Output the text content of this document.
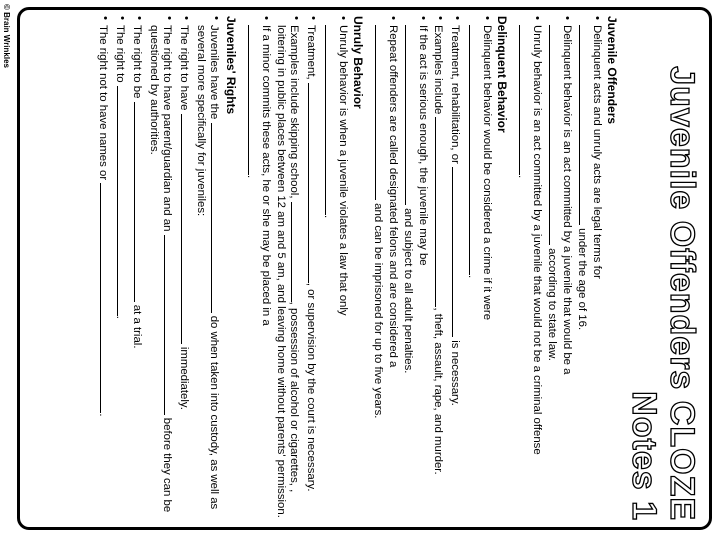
© Brain Wrinkles
Juvenile Offenders CLOZE Notes 1
Juvenile Offenders
• Delinquent acts and unruly acts are legal terms for
under the age of 16.
• Delinquent behavior is an act committed by a juvenile that would be a
according to state law.
• Unruly behavior is an act committed by a juvenile that would not be a criminal offense .
Delinquent Behavior
• Delinquent behavior would be considered a crime if it were
.
• Treatment, rehabilitation, or  is necessary.
• Examples include , theft, assault, rape, and murder.
• If the act is serious enough, the juvenile may be
and subject to all adult penalties.
• Repeat offenders are called designated felons and are considered a
and can be imprisoned for up to five years.
Unruly Behavior
• Unruly behavior is when a juvenile violates a law that only
.
• Treatment, , or supervision by the court is necessary.
• Examples include skipping school, , possession of alcohol or cigarettes, , loitering in public places between 12 am and 5 am, and leaving home without parents' permission.
• If a minor commits these acts, he or she may be placed in a
.
Juveniles' Rights
• Juveniles have the  do when taken into custody, as well as several more specifically for juveniles:
• The right to have  immediately.
• The right to have parent/guardian and an  before they can be questioned by authorities.
• The right to be  at a trial.
• The right to .
• The right not to have names or .
